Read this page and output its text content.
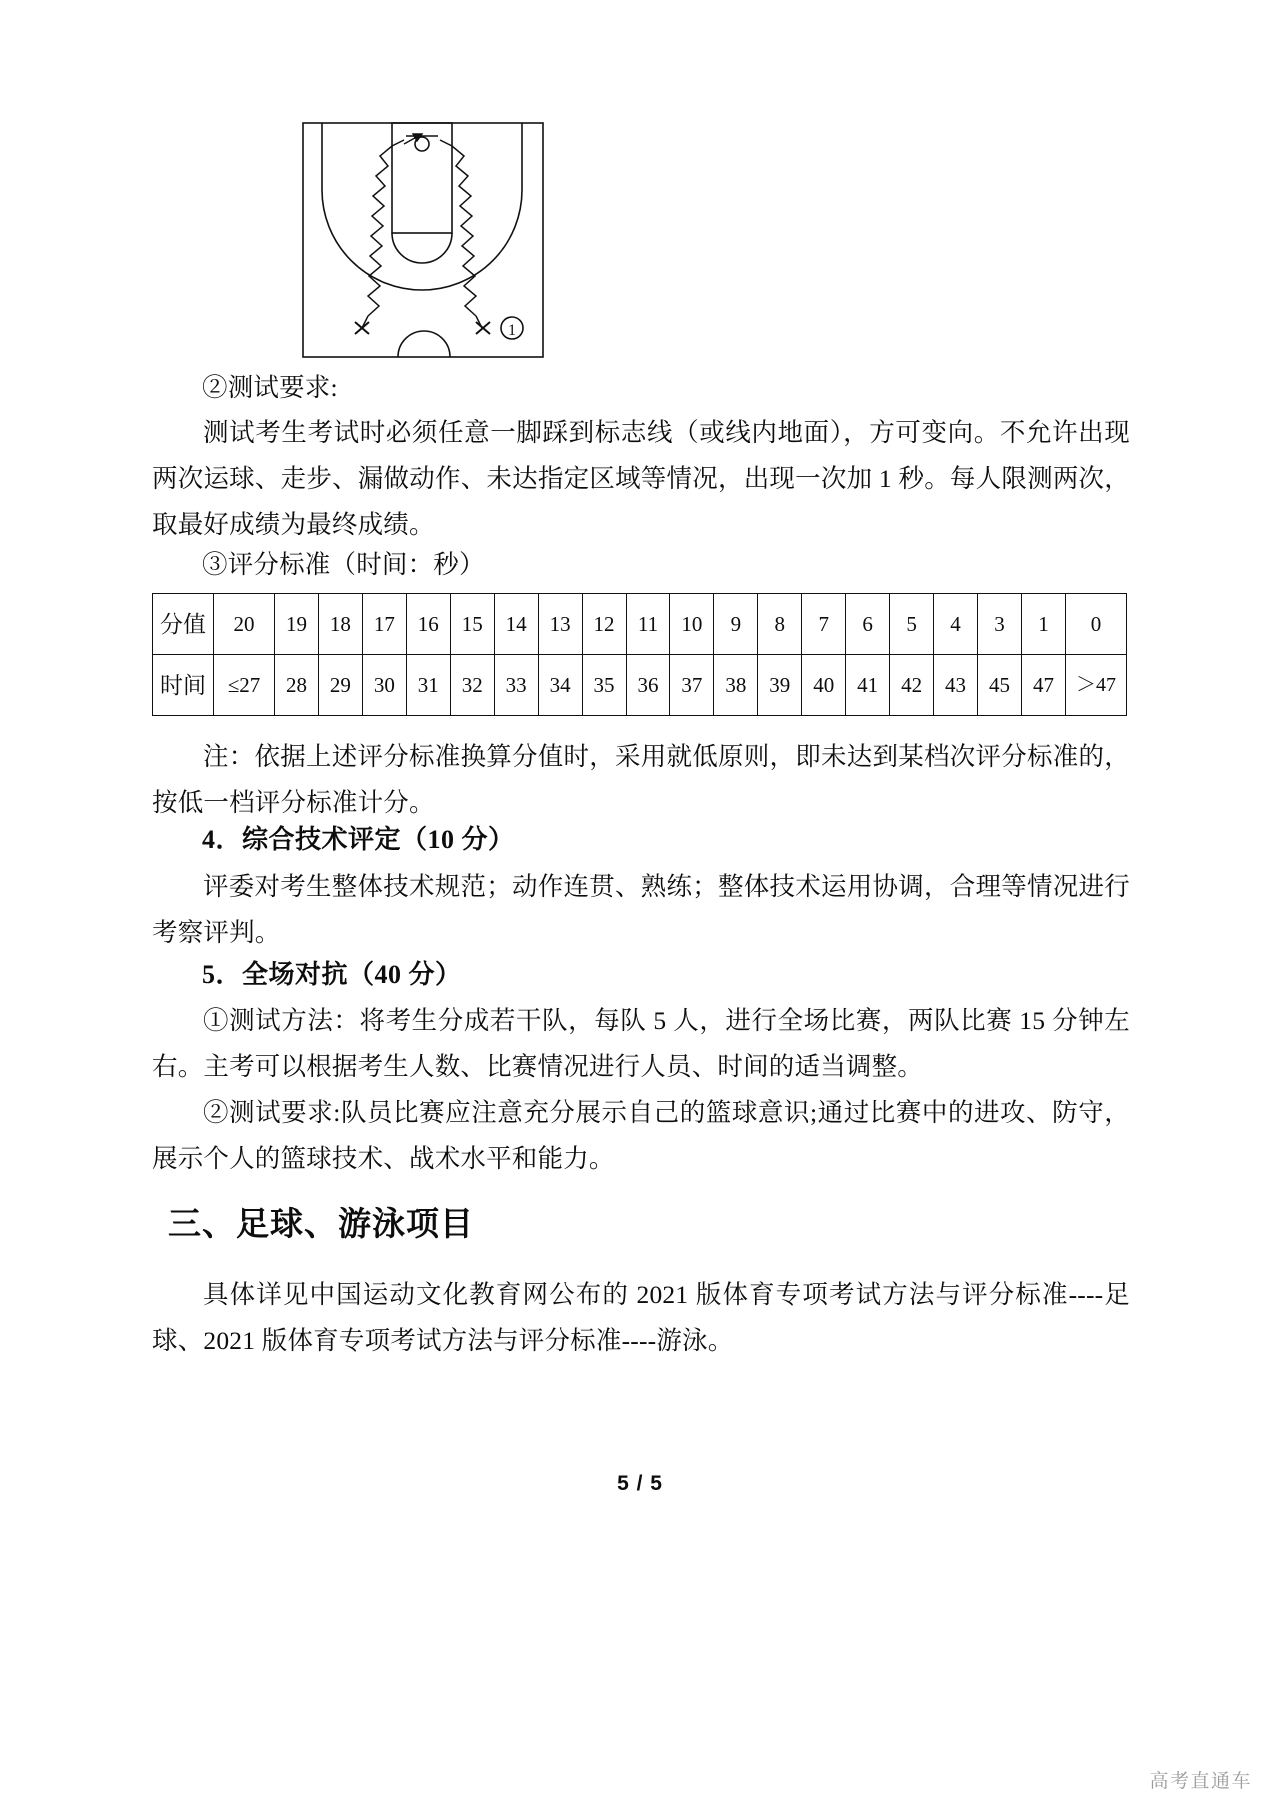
1
②测试要求:

测试考生考试时必须任意一脚踩到标志线（或线内地面），方可变向。不允许出现两次运球、走步、漏做动作、未达指定区域等情况，出现一次加 1 秒。每人限测两次，取最好成绩为最终成绩。

③评分标准（时间：秒）
分值	20	19	18	17	16	15	14	13	12	11	10	9	8	7	6	5	4	3	1	0
时间	≤27	28	29	30	31	32	33	34	35	36	37	38	39	40	41	42	43	45	47	＞47

注：依据上述评分标准换算分值时，采用就低原则，即未达到某档次评分标准的，按低一档评分标准计分。

4．综合技术评定（10 分）

评委对考生整体技术规范；动作连贯、熟练；整体技术运用协调，合理等情况进行考察评判。

5．全场对抗（40 分）

①测试方法：将考生分成若干队，每队 5 人，进行全场比赛，两队比赛 15 分钟左右。主考可以根据考生人数、比赛情况进行人员、时间的适当调整。

②测试要求:队员比赛应注意充分展示自己的篮球意识;通过比赛中的进攻、防守，展示个人的篮球技术、战术水平和能力。

三、足球、游泳项目

具体详见中国运动文化教育网公布的 2021 版体育专项考试方法与评分标准----足球、2021 版体育专项考试方法与评分标准----游泳。

5 / 5
高考直通车
